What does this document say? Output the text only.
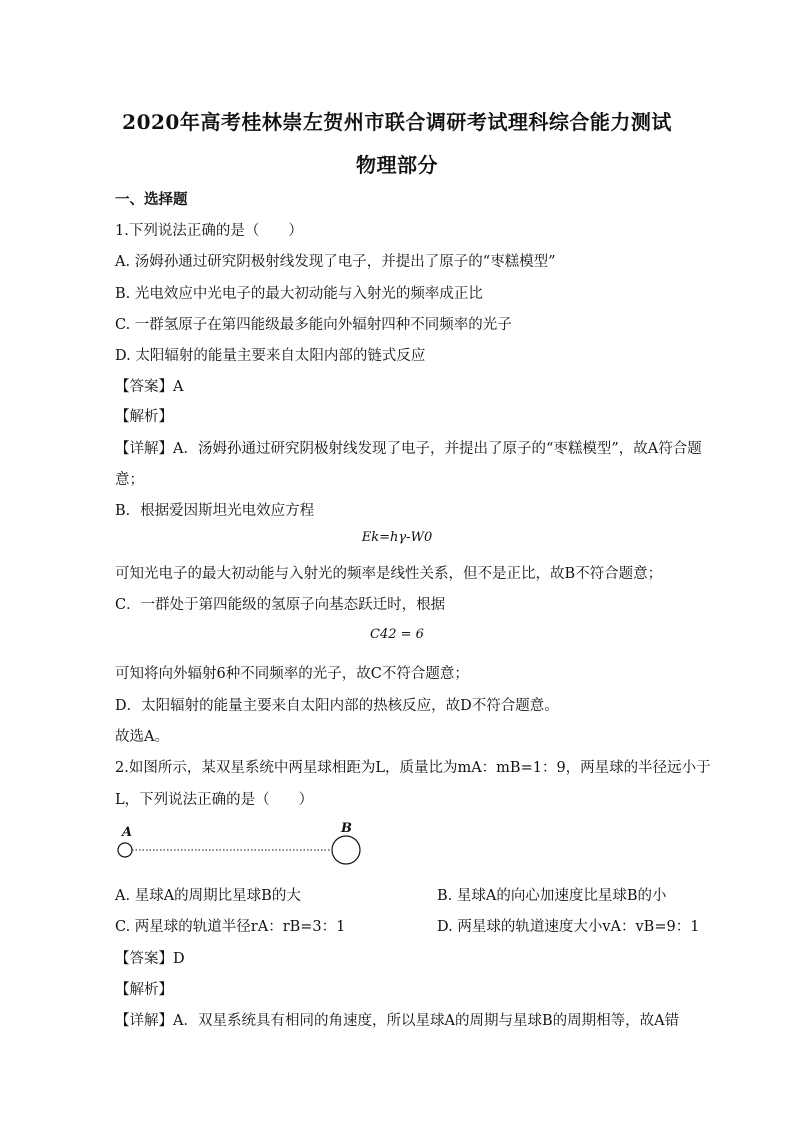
2020年高考桂林崇左贺州市联合调研考试理科综合能力测试
物理部分
一、选择题
1.下列说法正确的是（　　）
A. 汤姆孙通过研究阴极射线发现了电子，并提出了原子的“枣糕模型”
B. 光电效应中光电子的最大初动能与入射光的频率成正比
C. 一群氢原子在第四能级最多能向外辐射四种不同频率的光子
D. 太阳辐射的能量主要来自太阳内部的链式反应
【答案】A
【解析】
【详解】A．汤姆孙通过研究阴极射线发现了电子，并提出了原子的“枣糕模型”，故A符合题
意；
B．根据爱因斯坦光电效应方程
Ek=hγ-W0
可知光电子的最大初动能与入射光的频率是线性关系，但不是正比，故B不符合题意；
C．一群处于第四能级的氢原子向基态跃迁时，根据
C42 = 6
可知将向外辐射6种不同频率的光子，故C不符合题意；
D．太阳辐射的能量主要来自太阳内部的热核反应，故D不符合题意。
故选A。
2.如图所示，某双星系统中两星球相距为L，质量比为mA：mB=1：9，两星球的半径远小于
L，下列说法正确的是（　　）
A	B
A. 星球A的周期比星球B的大	B. 星球A的向心加速度比星球B的小
C. 两星球的轨道半径rA：rB=3：1	D. 两星球的轨道速度大小vA：vB=9：1
【答案】D
【解析】
【详解】A．双星系统具有相同的角速度，所以星球A的周期与星球B的周期相等，故A错
